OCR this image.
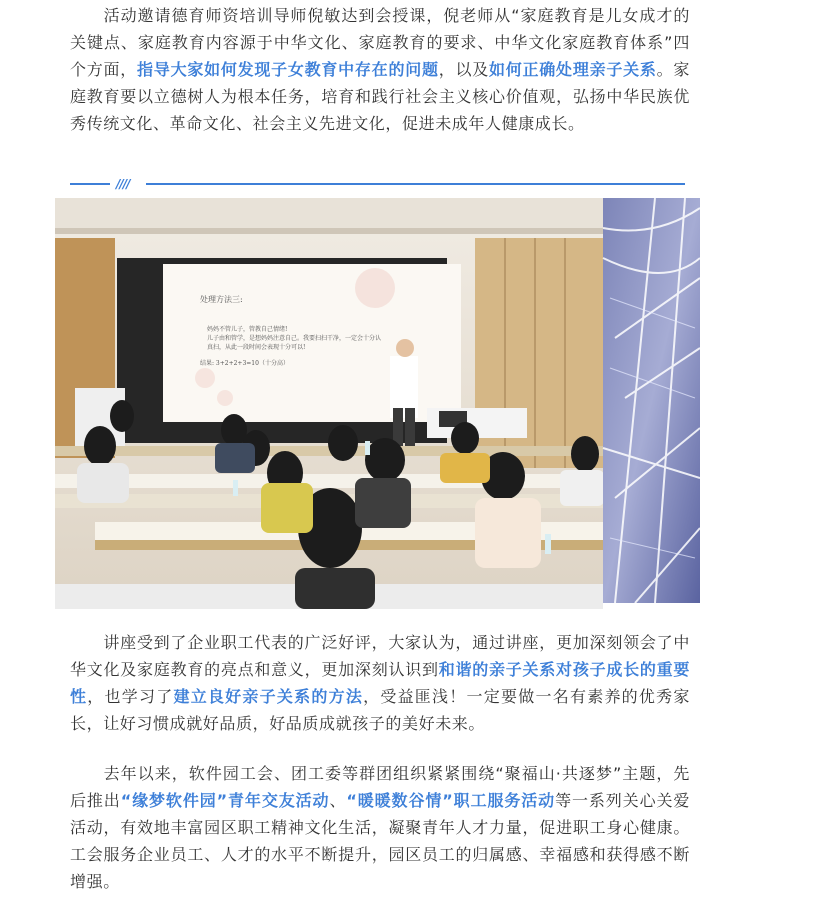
  活动邀请德育师资培训导师倪敏达到会授课，倪老师从“家庭教育是儿女成才的关键点、家庭教育内容源于中华文化、家庭教育的要求、中华文化家庭教育体系”四个方面，指导大家如何发现子女教育中存在的问题，以及如何正确处理亲子关系。家庭教育要以立德树人为根本任务，培育和践行社会主义核心价值观，弘扬中华民族优秀传统文化、革命文化、社会主义先进文化，促进未成年人健康成长。

////
处理方法三:
妈妈不管儿子，管教自己情绪!
儿子由和管学，是想妈妈注意自己。我要扫扫干净，一定会十分认真扫，从此一段时间会表现十分可以!
结果: 3+2+2+3=10（十分高）

  讲座受到了企业职工代表的广泛好评，大家认为，通过讲座，更加深刻领会了中华文化及家庭教育的亮点和意义，更加深刻认识到和谐的亲子关系对孩子成长的重要性，也学习了建立良好亲子关系的方法，受益匪浅！一定要做一名有素养的优秀家长，让好习惯成就好品质，好品质成就孩子的美好未来。

  去年以来，软件园工会、团工委等群团组织紧紧围绕“聚福山·共逐梦”主题，先后推出“缘梦软件园”青年交友活动、“暖暖数谷情”职工服务活动等一系列关心关爱活动，有效地丰富园区职工精神文化生活，凝聚青年人才力量，促进职工身心健康。工会服务企业员工、人才的水平不断提升，园区员工的归属感、幸福感和获得感不断增强。
